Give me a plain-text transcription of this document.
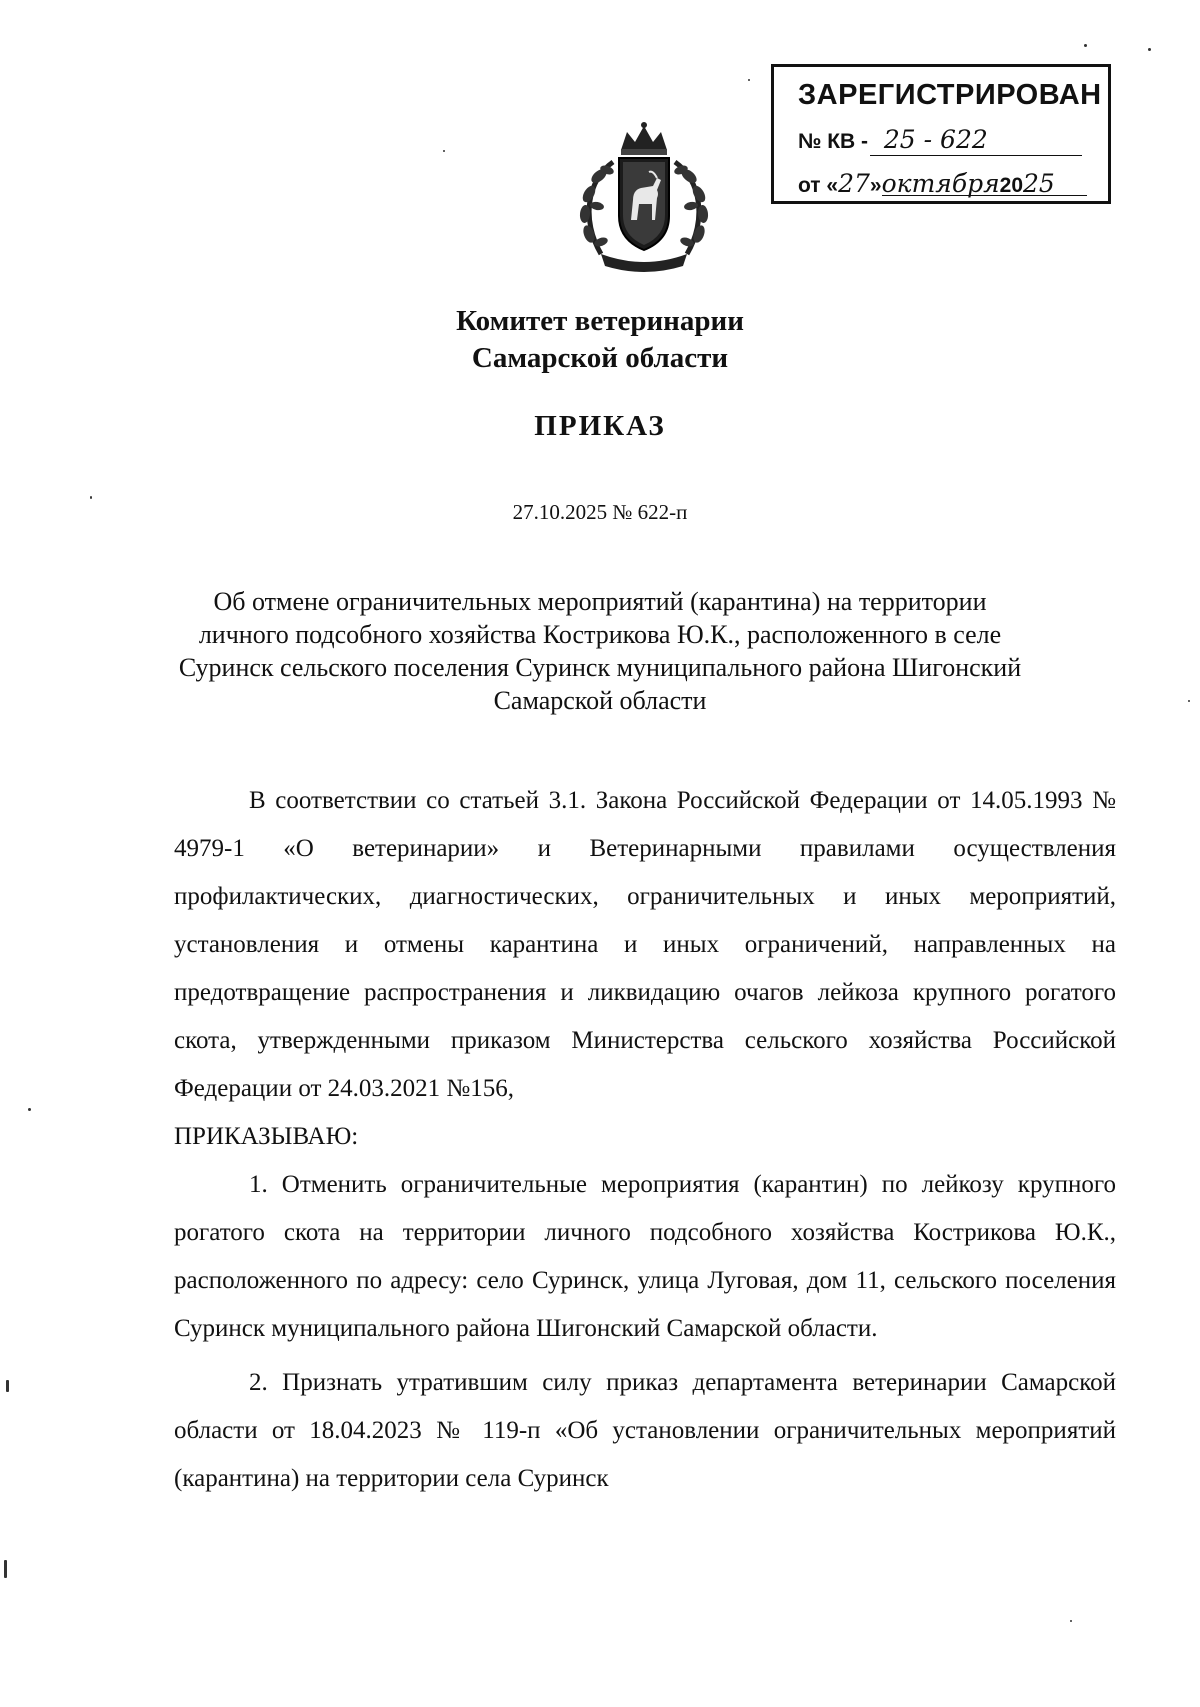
ЗАРЕГИСТРИРОВАН
№ КВ - 25 - 622
от «27»октября2025
Комитет ветеринарии
Самарской области
ПРИКАЗ
27.10.2025 № 622-п
Об отмене ограничительных мероприятий (карантина) на территории
личного подсобного хозяйства Кострикова Ю.К., расположенного в селе
Суринск сельского поселения Суринск муниципального района Шигонский
Самарской области

В соответствии со статьей 3.1. Закона Российской Федерации от 14.05.1993 № 4979-1 «О ветеринарии» и Ветеринарными правилами осуществления профилактических, диагностических, ограничительных и иных мероприятий, установления и отмены карантина и иных ограничений, направленных на предотвращение распространения и ликвидацию очагов лейкоза крупного рогатого скота, утвержденными приказом Министерства сельского хозяйства Российской Федерации от 24.03.2021 №156,

ПРИКАЗЫВАЮ:

1. Отменить ограничительные мероприятия (карантин) по лейкозу крупного рогатого скота на территории личного подсобного хозяйства Кострикова Ю.К., расположенного по адресу: село Суринск, улица Луговая, дом 11, сельского поселения Суринск муниципального района Шигонский Самарской области.

2. Признать утратившим силу приказ департамента ветеринарии Самарской области от 18.04.2023 № 119-п «Об установлении ограничительных мероприятий (карантина) на территории села Суринск
